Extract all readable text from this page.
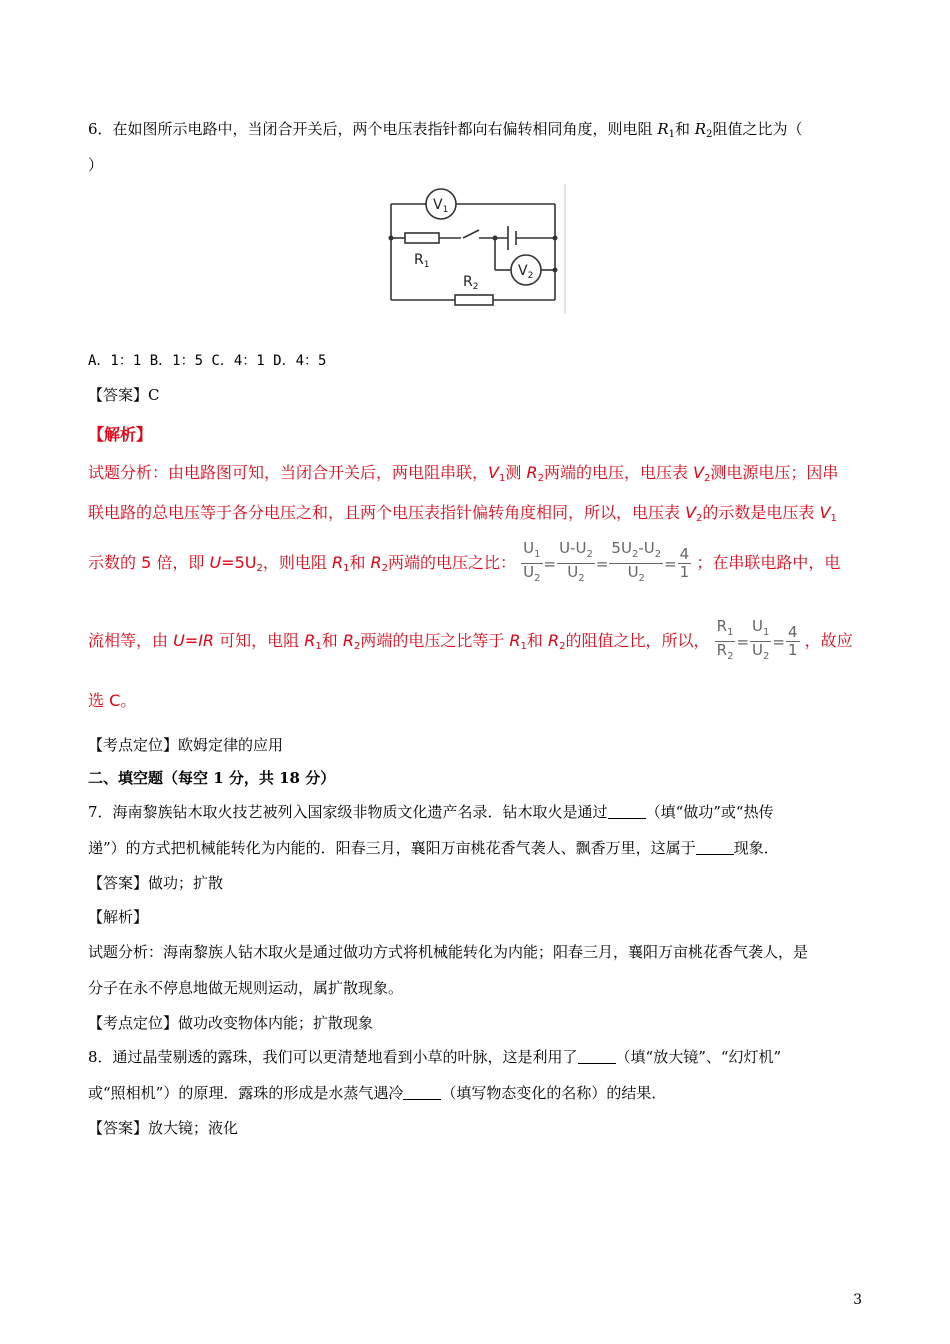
6．在如图所示电路中，当闭合开关后，两个电压表指针都向右偏转相同角度，则电阻 $R_1$和 $R_2$阻值之比为（
）
$V_1$
$V_2$
$R_1$
$R_2$
A．1：1 B．1：5 C．4：1 D．4：5
【答案】C
【解析】
试题分析：由电路图可知，当闭合开关后，两电阻串联，$V_1$测 $R_2$两端的电压，电压表 $V_2$测电源电压；因串
联电路的总电压等于各分电压之和，且两个电压表指针偏转角度相同，所以，电压表 $V_2$的示数是电压表 $V_1$
示数的 5 倍，即 $U=5U_2$，则电阻 $R_1$和 $R_2$两端的电压之比： $\frac{U_1}{U_2} = \frac{U-U_2}{U_2} = \frac{5U_2-U_2}{U_2} = \frac{4}{1}$ ；在串联电路中，电
流相等，由 U=IR 可知，电阻 $R_1$和 $R_2$两端的电压之比等于 $R_1$和 $R_2$的阻值之比，所以， $\frac{R_1}{R_2} = \frac{U_1}{U_2} = \frac{4}{1}$ ，故应
选 C。
【考点定位】欧姆定律的应用
二、填空题（每空 1 分，共 18 分）
7．海南黎族钻木取火技艺被列入国家级非物质文化遗产名录．钻木取火是通过	（填“做功”或“热传
递”）的方式把机械能转化为内能的．阳春三月，襄阳万亩桃花香气袭人、飘香万里，这属于	现象．
【答案】做功；扩散
【解析】
试题分析：海南黎族人钻木取火是通过做功方式将机械能转化为内能；阳春三月，襄阳万亩桃花香气袭人，是
分子在永不停息地做无规则运动，属扩散现象。
【考点定位】做功改变物体内能；扩散现象
8．通过晶莹剔透的露珠，我们可以更清楚地看到小草的叶脉，这是利用了	（填“放大镜”、“幻灯机”
或“照相机”）的原理．露珠的形成是水蒸气遇冷	（填写物态变化的名称）的结果．
【答案】放大镜；液化
3
